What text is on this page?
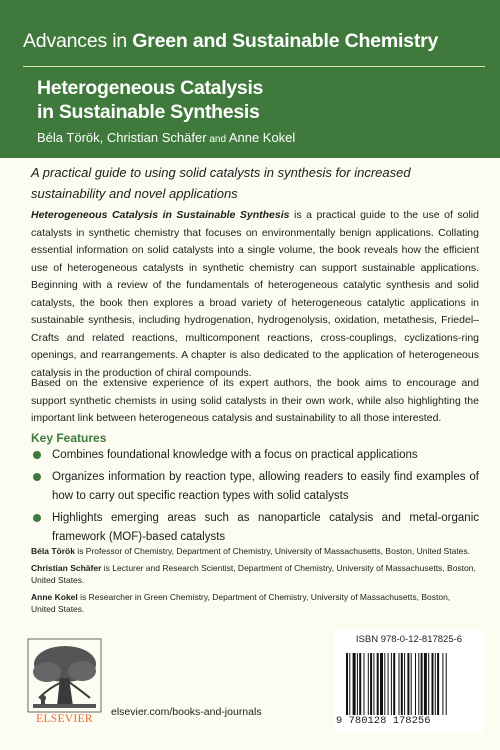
Advances in Green and Sustainable Chemistry
Heterogeneous Catalysis
in Sustainable Synthesis
Béla Török, Christian Schäfer and Anne Kokel
A practical guide to using solid catalysts in synthesis for increased sustainability and novel applications
Heterogeneous Catalysis in Sustainable Synthesis is a practical guide to the use of solid catalysts in synthetic chemistry that focuses on environmentally benign applications. Collating essential information on solid catalysts into a single volume, the book reveals how the efficient use of heterogeneous catalysts in synthetic chemistry can support sustainable applications. Beginning with a review of the fundamentals of heterogeneous catalytic synthesis and solid catalysts, the book then explores a broad variety of heterogeneous catalytic applications in sustainable synthesis, including hydrogenation, hydrogenolysis, oxidation, metathesis, Friedel–Crafts and related reactions, multicomponent reactions, cross-couplings, cyclizations-ring openings, and rearrangements. A chapter is also dedicated to the application of heterogeneous catalysis in the production of chiral compounds.
Based on the extensive experience of its expert authors, the book aims to encourage and support synthetic chemists in using solid catalysts in their own work, while also highlighting the important link between heterogeneous catalysis and sustainability to all those interested.
Key Features
Combines foundational knowledge with a focus on practical applications
Organizes information by reaction type, allowing readers to easily find examples of how to carry out specific reaction types with solid catalysts
Highlights emerging areas such as nanoparticle catalysis and metal-organic framework (MOF)-based catalysts
Béla Török is Professor of Chemistry, Department of Chemistry, University of Massachusetts, Boston, United States.
Christian Schäfer is Lecturer and Research Scientist, Department of Chemistry, University of Massachusetts, Boston, United States.
Anne Kokel is Researcher in Green Chemistry, Department of Chemistry, University of Massachusetts, Boston, United States.
ELSEVIER
elsevier.com/books-and-journals
ISBN 978-0-12-817825-6
9 780128 178256
